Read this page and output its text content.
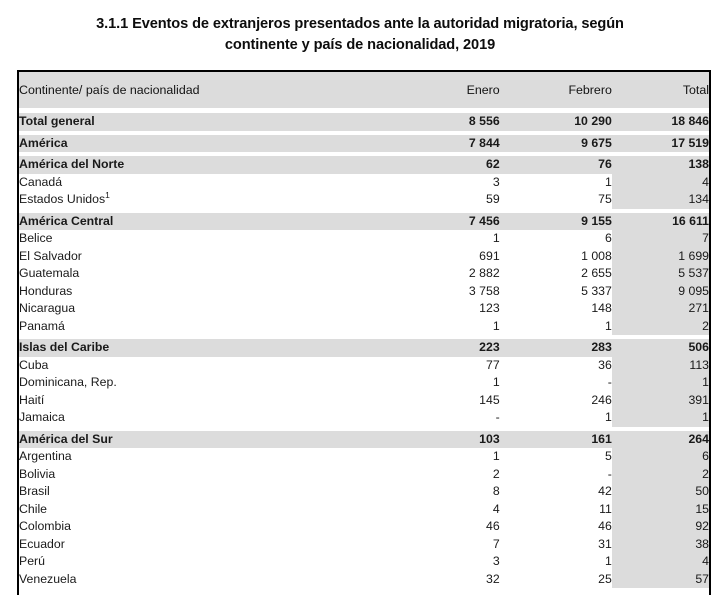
3.1.1 Eventos de extranjeros presentados ante la autoridad migratoria, según
continente y país de nacionalidad, 2019
Continente/ país de nacionalidad	Enero	Febrero	Total

Total general	8 556	10 290	18 846

América	7 844	9 675	17 519

América del Norte	62	76	138
Canadá	3	1	4
Estados Unidos$^1$	59	75	134

América Central	7 456	9 155	16 611
Belice	1	6	7
El Salvador	691	1 008	1 699
Guatemala	2 882	2 655	5 537
Honduras	3 758	5 337	9 095
Nicaragua	123	148	271
Panamá	1	1	2

Islas del Caribe	223	283	506
Cuba	77	36	113
Dominicana, Rep.	1	-	1
Haití	145	246	391
Jamaica	-	1	1

América del Sur	103	161	264
Argentina	1	5	6
Bolivia	2	-	2
Brasil	8	42	50
Chile	4	11	15
Colombia	46	46	92
Ecuador	7	31	38
Perú	3	1	4
Venezuela	32	25	57
